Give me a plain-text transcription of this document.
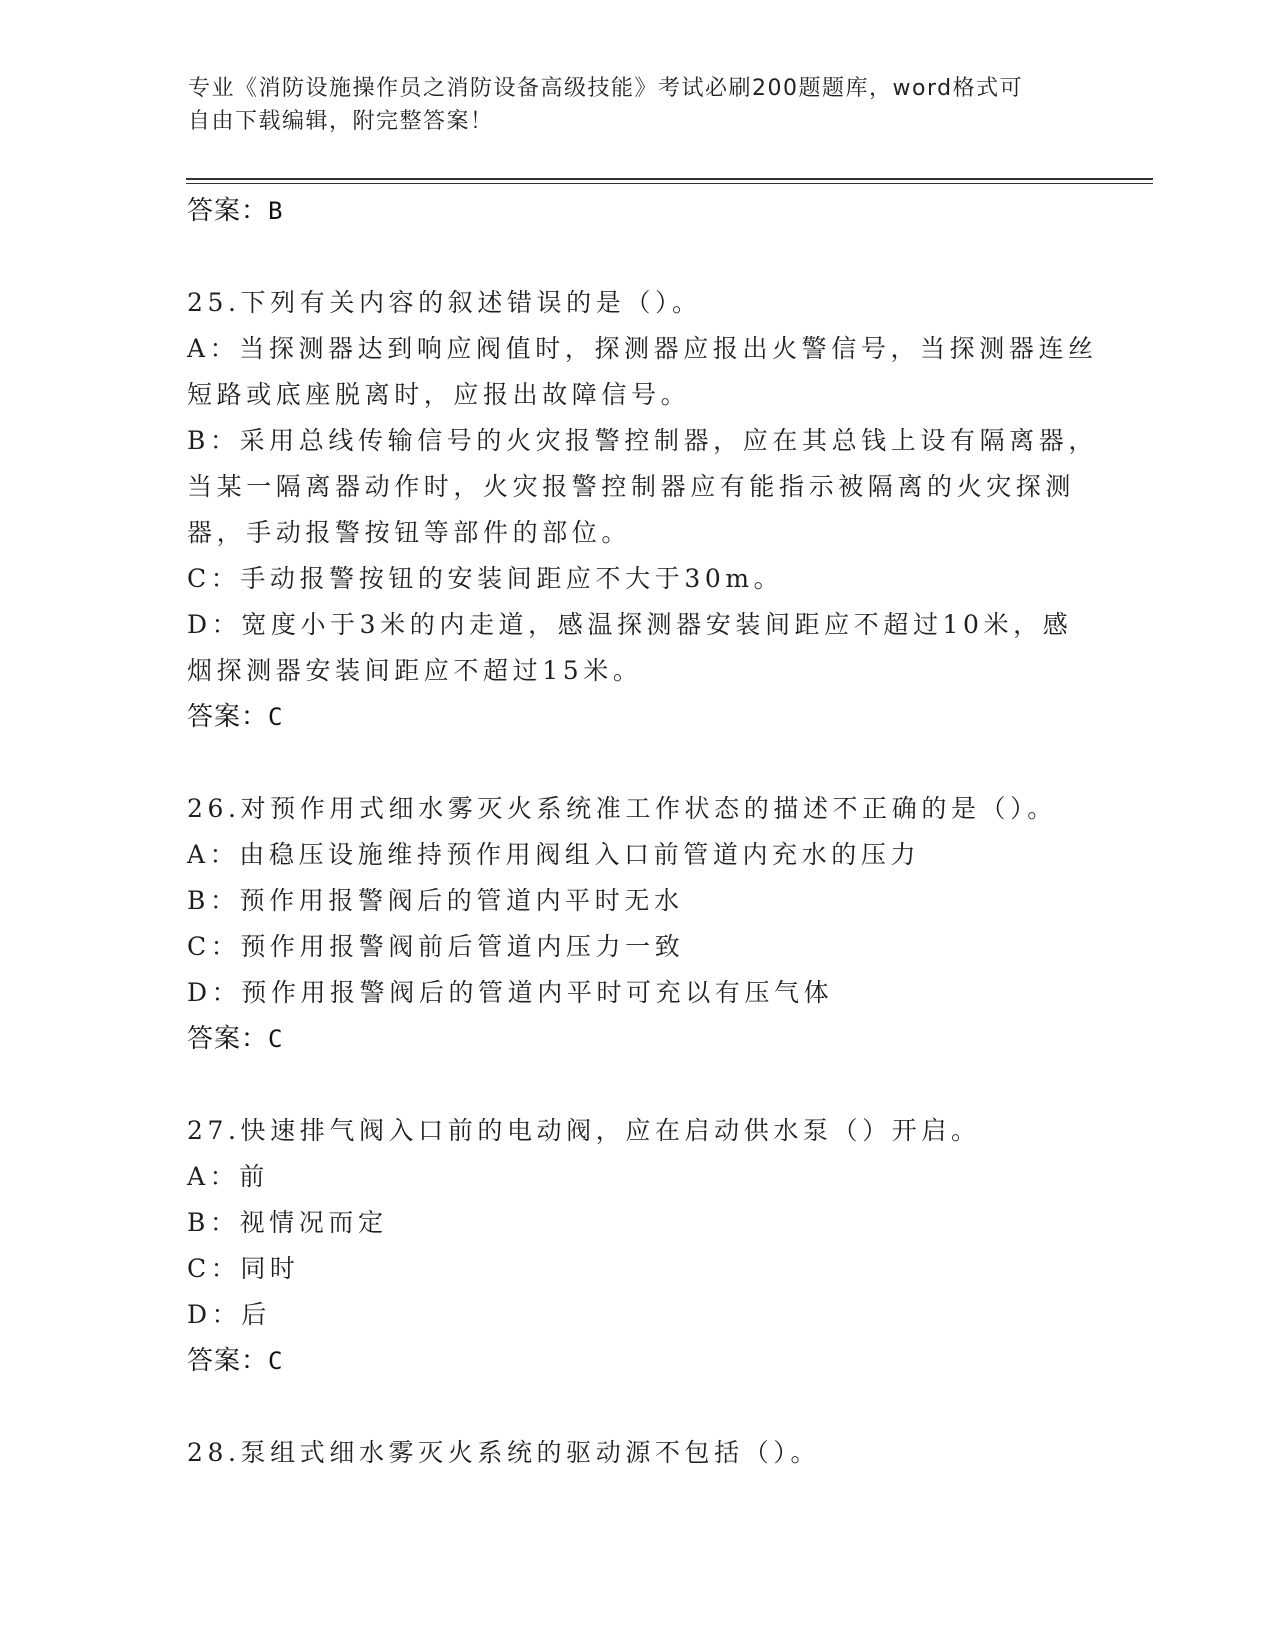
专业《消防设施操作员之消防设备高级技能》考试必刷200题题库，word格式可
自由下载编辑，附完整答案！
答案：B
25.下列有关内容的叙述错误的是（）。
A：当探测器达到响应阀值时，探测器应报出火警信号，当探测器连丝
短路或底座脱离时，应报出故障信号。
B：采用总线传输信号的火灾报警控制器，应在其总钱上设有隔离器，
当某一隔离器动作时，火灾报警控制器应有能指示被隔离的火灾探测
器，手动报警按钮等部件的部位。
C：手动报警按钮的安装间距应不大于30m。
D：宽度小于3米的内走道，感温探测器安装间距应不超过10米，感
烟探测器安装间距应不超过15米。
答案：C
26.对预作用式细水雾灭火系统准工作状态的描述不正确的是（）。
A：由稳压设施维持预作用阀组入口前管道内充水的压力
B：预作用报警阀后的管道内平时无水
C：预作用报警阀前后管道内压力一致
D：预作用报警阀后的管道内平时可充以有压气体
答案：C
27.快速排气阀入口前的电动阀，应在启动供水泵（）开启。
A：前
B：视情况而定
C：同时
D：后
答案：C
28.泵组式细水雾灭火系统的驱动源不包括（）。
